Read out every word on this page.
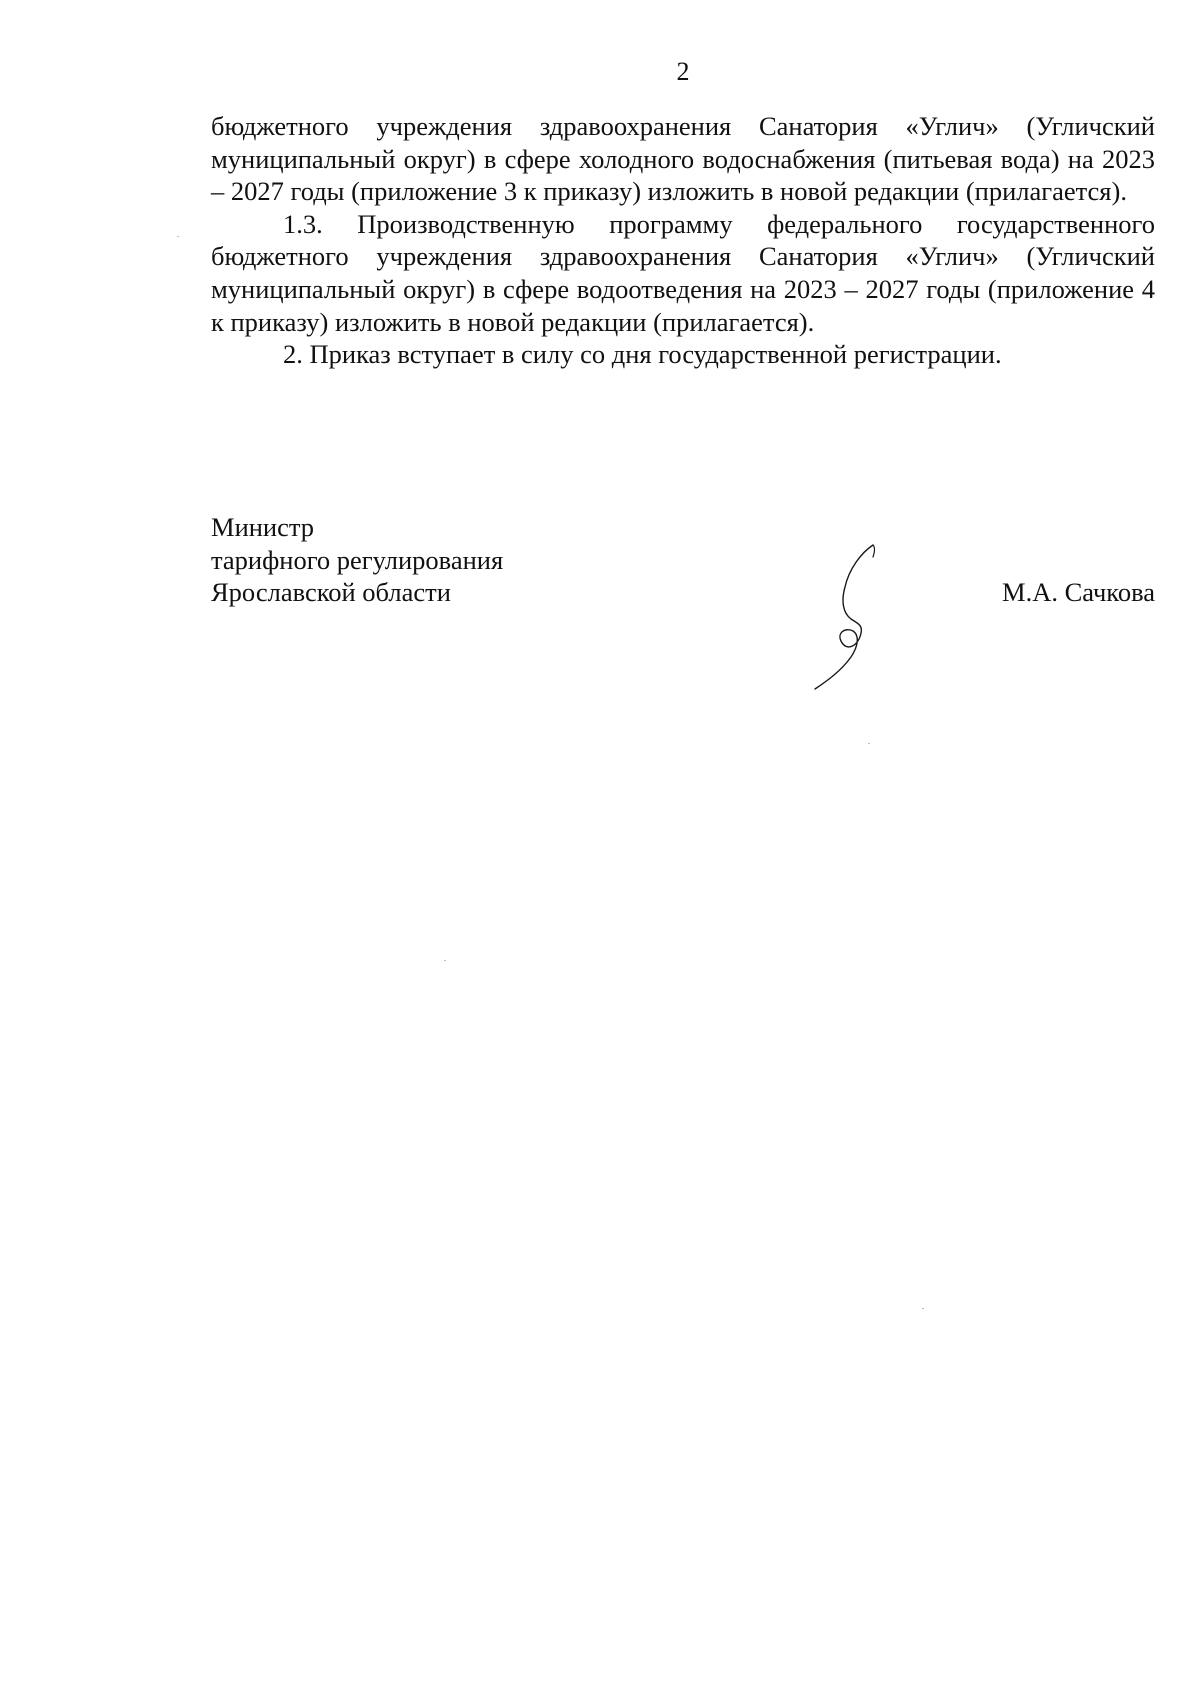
2

бюджетного учреждения здравоохранения Санатория «Углич» (Угличский муниципальный округ) в сфере холодного водоснабжения (питьевая вода) на 2023 – 2027 годы (приложение 3 к приказу) изложить в новой редакции (прилагается).

1.3. Производственную программу федерального государственного бюджетного учреждения здравоохранения Санатория «Углич» (Угличский муниципальный округ) в сфере водоотведения на 2023 – 2027 годы (приложение 4 к приказу) изложить в новой редакции (прилагается).

2. Приказ вступает в силу со дня государственной регистрации.

Министр
тарифного регулирования
Ярославской области	М.А. Сачкова
